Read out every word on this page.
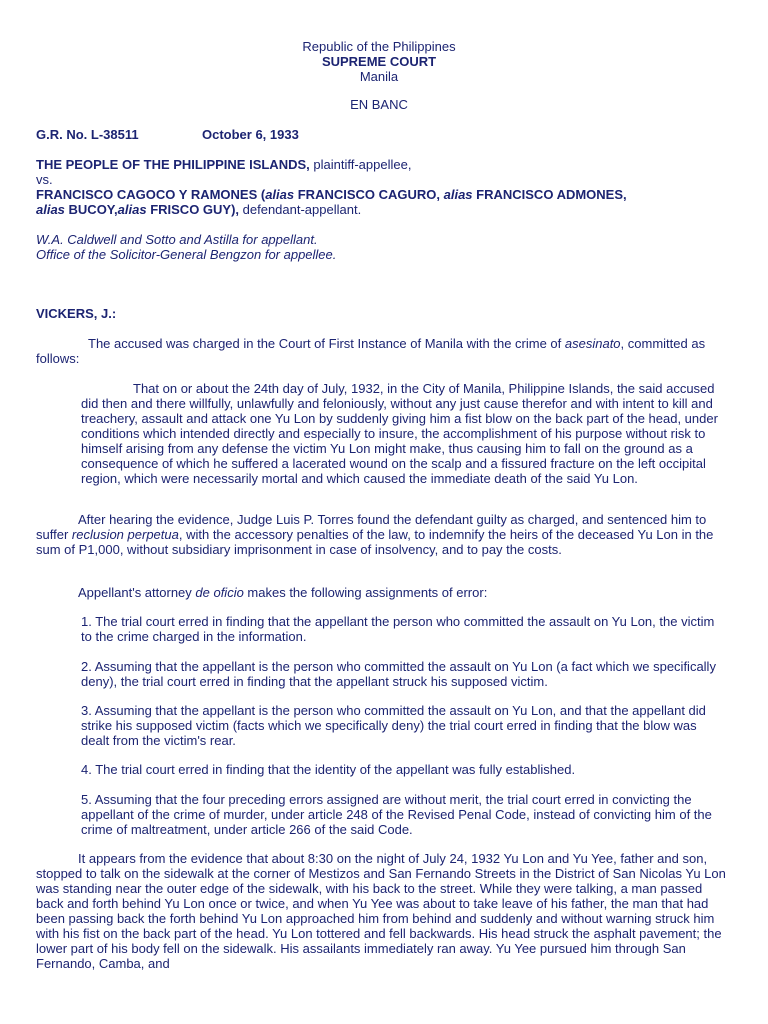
Republic of the Philippines
SUPREME COURT
Manila
EN BANC
G.R. No. L-38511	October 6, 1933
THE PEOPLE OF THE PHILIPPINE ISLANDS, plaintiff-appellee,
vs.
FRANCISCO CAGOCO Y RAMONES (alias FRANCISCO CAGURO, alias FRANCISCO ADMONES, alias BUCOY,alias FRISCO GUY), defendant-appellant.
W.A. Caldwell and Sotto and Astilla for appellant.
Office of the Solicitor-General Bengzon for appellee.
VICKERS, J.:

The accused was charged in the Court of First Instance of Manila with the crime of asesinato, committed as follows:

That on or about the 24th day of July, 1932, in the City of Manila, Philippine Islands, the said accused did then and there willfully, unlawfully and feloniously, without any just cause therefor and with intent to kill and treachery, assault and attack one Yu Lon by suddenly giving him a fist blow on the back part of the head, under conditions which intended directly and especially to insure, the accomplishment of his purpose without risk to himself arising from any defense the victim Yu Lon might make, thus causing him to fall on the ground as a consequence of which he suffered a lacerated wound on the scalp and a fissured fracture on the left occipital region, which were necessarily mortal and which caused the immediate death of the said Yu Lon.

After hearing the evidence, Judge Luis P. Torres found the defendant guilty as charged, and sentenced him to suffer reclusion perpetua, with the accessory penalties of the law, to indemnify the heirs of the deceased Yu Lon in the sum of P1,000, without subsidiary imprisonment in case of insolvency, and to pay the costs.

Appellant's attorney de oficio makes the following assignments of error:

1. The trial court erred in finding that the appellant the person who committed the assault on Yu Lon, the victim to the crime charged in the information.

2. Assuming that the appellant is the person who committed the assault on Yu Lon (a fact which we specifically deny), the trial court erred in finding that the appellant struck his supposed victim.

3. Assuming that the appellant is the person who committed the assault on Yu Lon, and that the appellant did strike his supposed victim (facts which we specifically deny) the trial court erred in finding that the blow was dealt from the victim's rear.

4. The trial court erred in finding that the identity of the appellant was fully established.

5. Assuming that the four preceding errors assigned are without merit, the trial court erred in convicting the appellant of the crime of murder, under article 248 of the Revised Penal Code, instead of convicting him of the crime of maltreatment, under article 266 of the said Code.

It appears from the evidence that about 8:30 on the night of July 24, 1932 Yu Lon and Yu Yee, father and son, stopped to talk on the sidewalk at the corner of Mestizos and San Fernando Streets in the District of San Nicolas Yu Lon was standing near the outer edge of the sidewalk, with his back to the street. While they were talking, a man passed back and forth behind Yu Lon once or twice, and when Yu Yee was about to take leave of his father, the man that had been passing back the forth behind Yu Lon approached him from behind and suddenly and without warning struck him with his fist on the back part of the head. Yu Lon tottered and fell backwards. His head struck the asphalt pavement; the lower part of his body fell on the sidewalk. His assailants immediately ran away. Yu Yee pursued him through San Fernando, Camba, and
